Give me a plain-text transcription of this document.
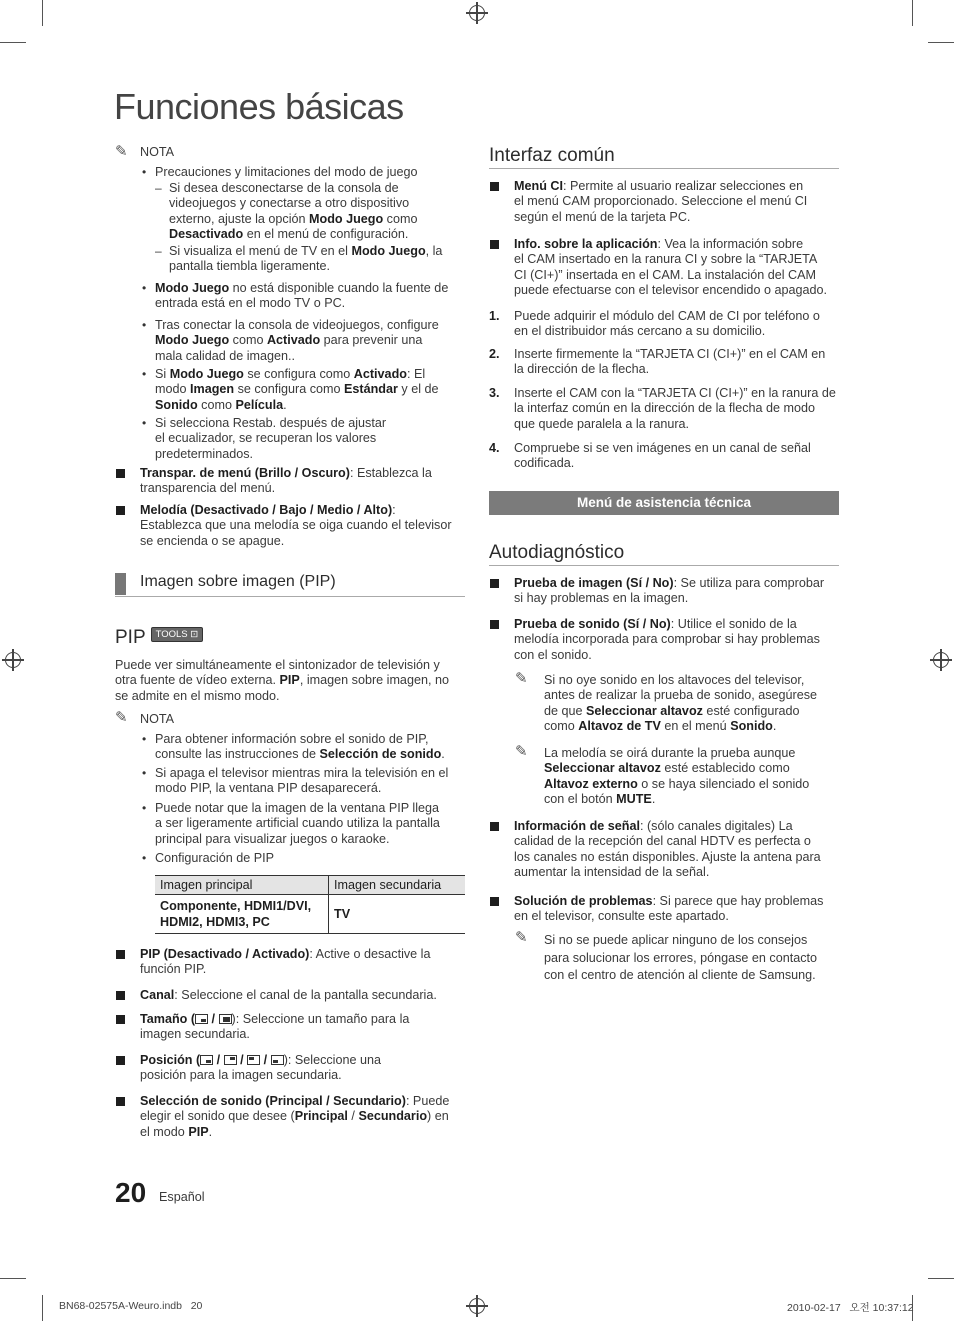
Funciones básicas
✎ NOTA
• Precauciones y limitaciones del modo de juego
– Si desea desconectarse de la consola de
videojuegos y conectarse a otro dispositivo
externo, ajuste la opción Modo Juego como
Desactivado en el menú de configuración.
– Si visualiza el menú de TV en el Modo Juego, la
pantalla tiembla ligeramente.
• Modo Juego no está disponible cuando la fuente de
entrada está en el modo TV o PC.
• Tras conectar la consola de videojuegos, configure
Modo Juego como Activado para prevenir una
mala calidad de imagen..
• Si Modo Juego se configura como Activado: El
modo Imagen se configura como Estándar y el de
Sonido como Película.
• Si selecciona Restab. después de ajustar
el ecualizador, se recuperan los valores
predeterminados.
Transpar. de menú (Brillo / Oscuro): Establezca la
transparencia del menú.
Melodía (Desactivado / Bajo / Medio / Alto):
Establezca que una melodía se oiga cuando el televisor
se encienda o se apague.
Imagen sobre imagen (PIP)
PIP TOOLS ⊡
Puede ver simultáneamente el sintonizador de televisión y
otra fuente de vídeo externa. PIP, imagen sobre imagen, no
se admite en el mismo modo.
✎ NOTA
• Para obtener información sobre el sonido de PIP,
consulte las instrucciones de Selección de sonido.
• Si apaga el televisor mientras mira la televisión en el
modo PIP, la ventana PIP desaparecerá.
• Puede notar que la imagen de la ventana PIP llega
a ser ligeramente artificial cuando utiliza la pantalla
principal para visualizar juegos o karaoke.
• Configuración de PIP
Imagen principal	Imagen secundaria

Componente, HDMI1/DVI,
HDMI2, HDMI3, PC	TV
PIP (Desactivado / Activado): Active o desactive la
función PIP.
Canal: Seleccione el canal de la pantalla secundaria.
Tamaño (
/
): Seleccione un tamaño para la
imagen secundaria.
Posición (
/
/
/
): Seleccione una
posición para la imagen secundaria.
Selección de sonido (Principal / Secundario): Puede
elegir el sonido que desee (Principal / Secundario) en
el modo PIP.
Interfaz común
Menú CI: Permite al usuario realizar selecciones en
el menú CAM proporcionado. Seleccione el menú CI
según el menú de la tarjeta PC.
Info. sobre la aplicación: Vea la información sobre
el CAM insertado en la ranura CI y sobre la “TARJETA
CI (CI+)” insertada en el CAM. La instalación del CAM
puede efectuarse con el televisor encendido o apagado.
1. Puede adquirir el módulo del CAM de CI por teléfono o
en el distribuidor más cercano a su domicilio.
2. Inserte firmemente la “TARJETA CI (CI+)” en el CAM en
la dirección de la flecha.
3. Inserte el CAM con la “TARJETA CI (CI+)” en la ranura de
la interfaz común en la dirección de la flecha de modo
que quede paralela a la ranura.
4. Compruebe si se ven imágenes en un canal de señal
codificada.
Menú de asistencia técnica
Autodiagnóstico
Prueba de imagen (Sí / No): Se utiliza para comprobar
si hay problemas en la imagen.
Prueba de sonido (Sí / No): Utilice el sonido de la
melodía incorporada para comprobar si hay problemas
con el sonido.
✎ Si no oye sonido en los altavoces del televisor,
antes de realizar la prueba de sonido, asegúrese
de que Seleccionar altavoz esté configurado
como Altavoz de TV en el menú Sonido.
✎ La melodía se oirá durante la prueba aunque
Seleccionar altavoz esté establecido como
Altavoz externo o se haya silenciado el sonido
con el botón MUTE.
Información de señal: (sólo canales digitales) La
calidad de la recepción del canal HDTV es perfecta o
los canales no están disponibles. Ajuste la antena para
aumentar la intensidad de la señal.
Solución de problemas: Si parece que hay problemas
en el televisor, consulte este apartado.
✎ Si no se puede aplicar ninguno de los consejos
para solucionar los errores, póngase en contacto
con el centro de atención al cliente de Samsung.
20 Español
BN68-02575A-Weuro.indb   20	2010-02-17   오전 10:37:12
